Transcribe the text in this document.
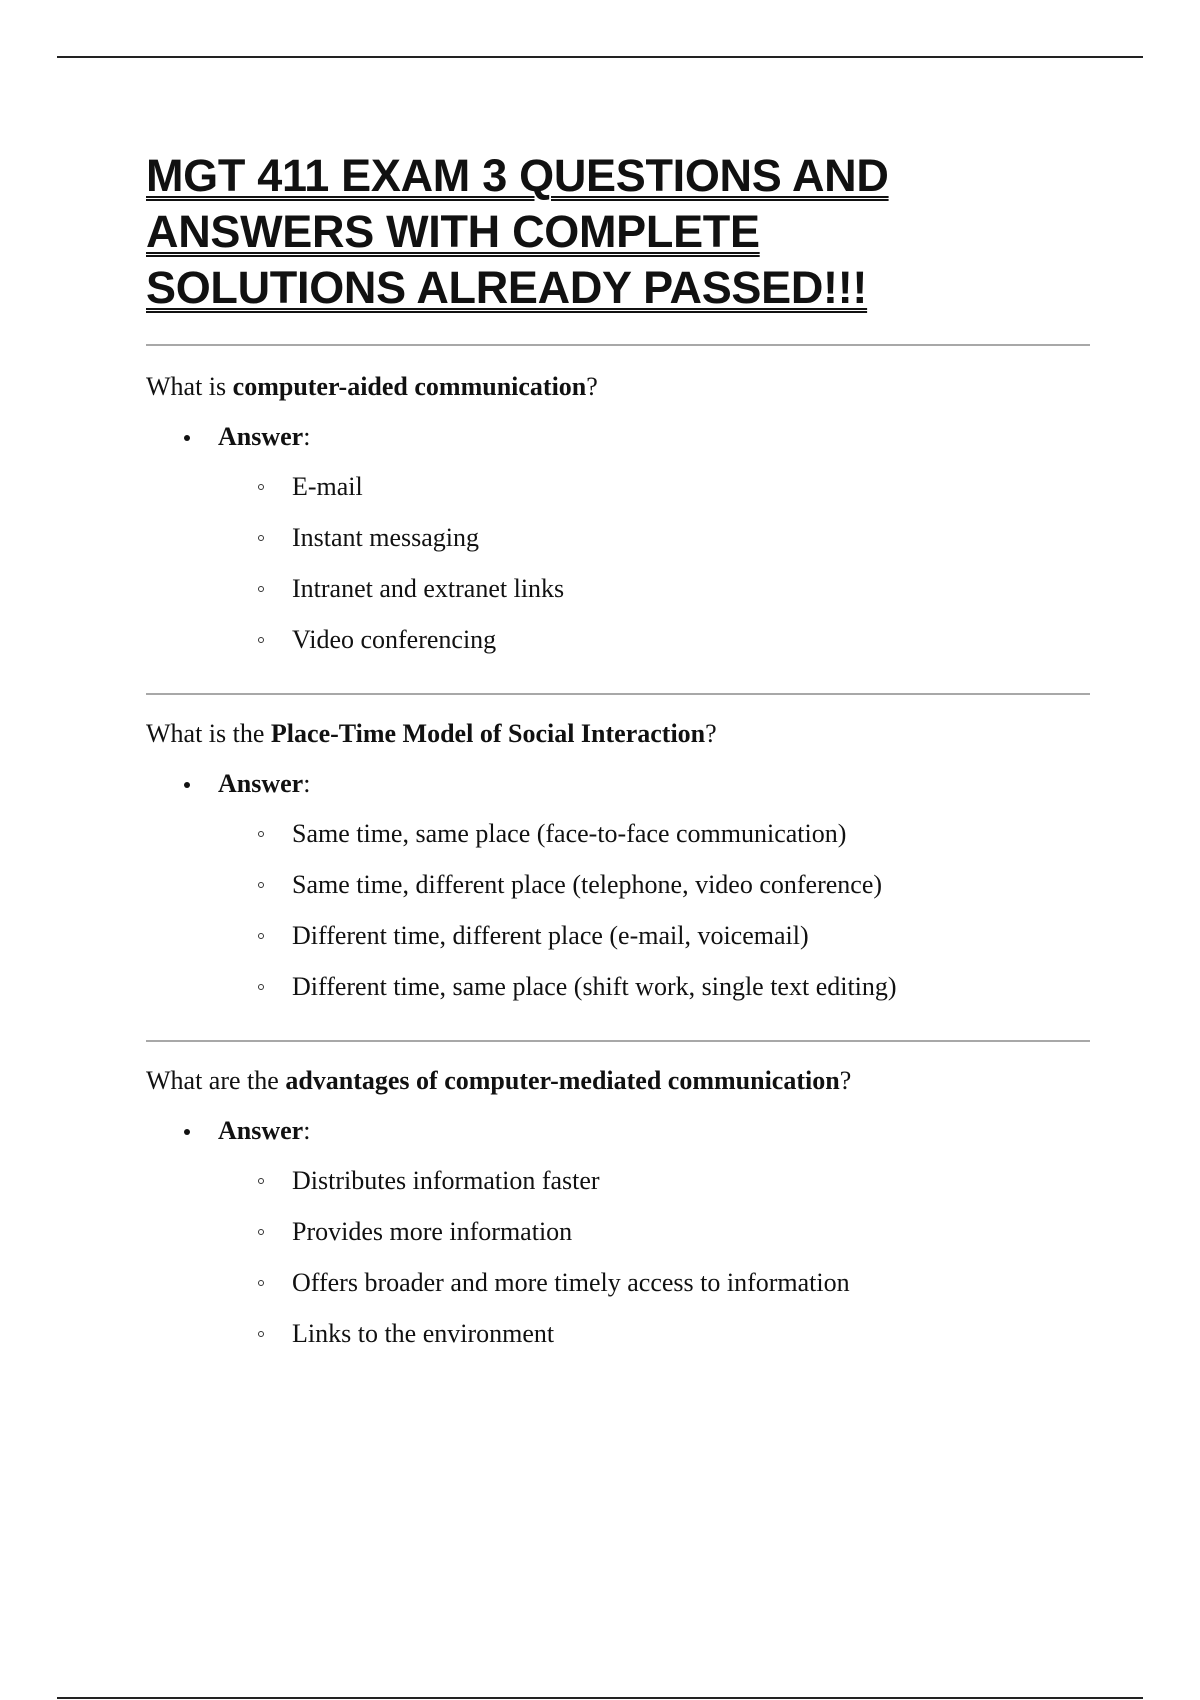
MGT 411 EXAM 3 QUESTIONS AND
ANSWERS WITH COMPLETE
SOLUTIONS ALREADY PASSED!!!

What is computer-aided communication?

Answer:
E-mail
Instant messaging
Intranet and extranet links
Video conferencing

What is the Place-Time Model of Social Interaction?

Answer:
Same time, same place (face-to-face communication)
Same time, different place (telephone, video conference)
Different time, different place (e-mail, voicemail)
Different time, same place (shift work, single text editing)

What are the advantages of computer-mediated communication?

Answer:
Distributes information faster
Provides more information
Offers broader and more timely access to information
Links to the environment
